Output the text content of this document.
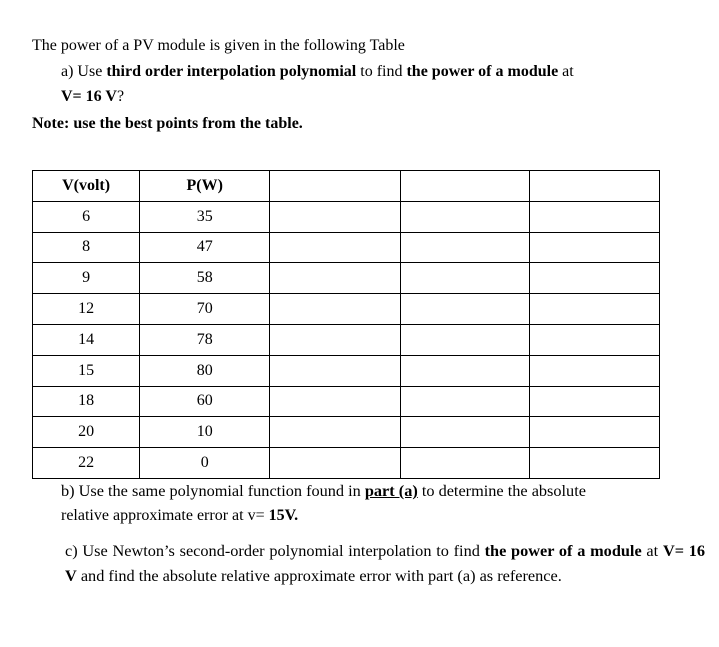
The power of a PV module is given in the following Table
a) Use third order interpolation polynomial to find the power of a module at
V= 16 V?
Note: use the best points from the table.
V(volt)	P(W)			
6	35			
8	47			
9	58			
12	70			
14	78			
15	80			
18	60			
20	10			
22	0			
b) Use the same polynomial function found in part (a) to determine the absolute
relative approximate error at v= 15V.
c) Use Newton’s second-order polynomial interpolation to find the power of a module at V= 16 V and find the absolute relative approximate error with part (a) as reference.
